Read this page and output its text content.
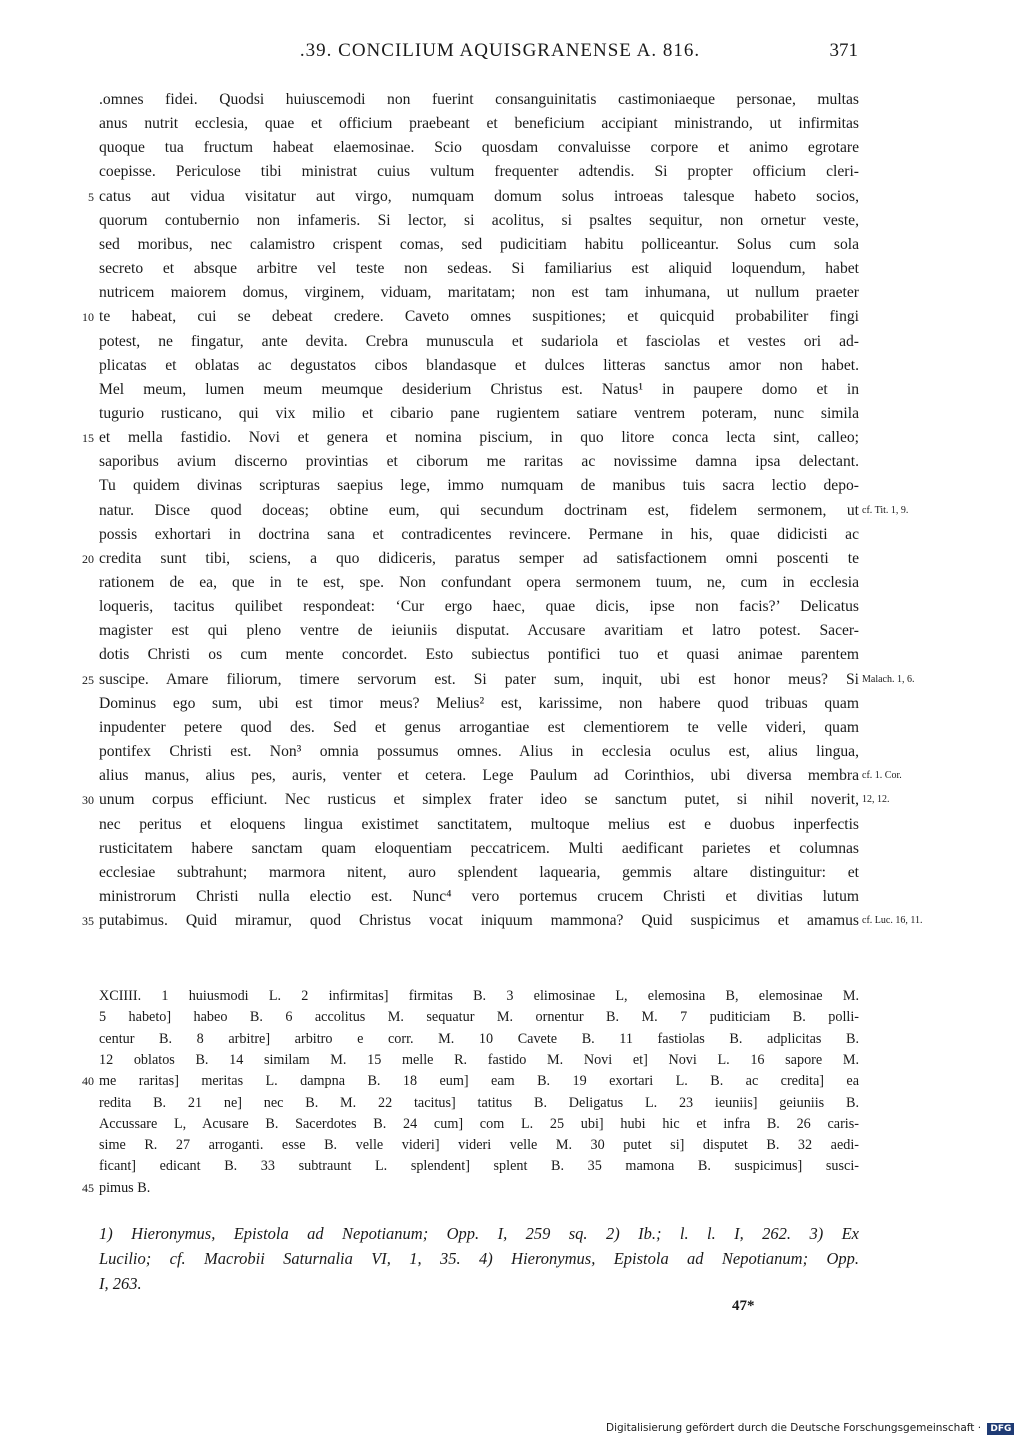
.39. CONCILIUM AQUISGRANENSE A. 816.	371
.omnes fidei. Quodsi huiuscemodi non fuerint consanguinitatis castimoniaeque personae, multas
anus nutrit ecclesia, quae et officium praebeant et beneficium accipiant ministrando, ut infirmitas
quoque tua fructum habeat elaemosinae. Scio quosdam convaluisse corpore et animo egrotare
coepisse. Periculose tibi ministrat cuius vultum frequenter adtendis. Si propter officium cleri-
catus aut vidua visitatur aut virgo, numquam domum solus introeas talesque habeto socios,
5
quorum contubernio non infameris. Si lector, si acolitus, si psaltes sequitur, non ornetur veste,
sed moribus, nec calamistro crispent comas, sed pudicitiam habitu polliceantur. Solus cum sola
secreto et absque arbitre vel teste non sedeas. Si familiarius est aliquid loquendum, habet
nutricem maiorem domus, virginem, viduam, maritatam; non est tam inhumana, ut nullum praeter
te habeat, cui se debeat credere. Caveto omnes suspitiones; et quicquid probabiliter fingi
10
potest, ne fingatur, ante devita. Crebra munuscula et sudariola et fasciolas et vestes ori ad-
plicatas et oblatas ac degustatos cibos blandasque et dulces litteras sanctus amor non habet.
Mel meum, lumen meum meumque desiderium Christus est. Natus¹ in paupere domo et in
tugurio rusticano, qui vix milio et cibario pane rugientem satiare ventrem poteram, nunc simila
et mella fastidio. Novi et genera et nomina piscium, in quo litore conca lecta sint, calleo;
15
saporibus avium discerno provintias et ciborum me raritas ac novissime damna ipsa delectant.
Tu quidem divinas scripturas saepius lege, immo numquam de manibus tuis sacra lectio depo-
natur. Disce quod doceas; obtine eum, qui secundum doctrinam est, fidelem sermonem, ut cf. Tit. 1, 9.
possis exhortari in doctrina sana et contradicentes revincere. Permane in his, quae didicisti ac
credita sunt tibi, sciens, a quo didiceris, paratus semper ad satisfactionem omni poscenti te
20
rationem de ea, que in te est, spe. Non confundant opera sermonem tuum, ne, cum in ecclesia
loqueris, tacitus quilibet respondeat: ‘Cur ergo haec, quae dicis, ipse non facis?’ Delicatus
magister est qui pleno ventre de ieiuniis disputat. Accusare avaritiam et latro potest. Sacer-
dotis Christi os cum mente concordet. Esto subiectus pontifici tuo et quasi animae parentem
suscipe. Amare filiorum, timere servorum est. Si pater sum, inquit, ubi est honor meus? Si
25	Malach. 1, 6.
Dominus ego sum, ubi est timor meus? Melius² est, karissime, non habere quod tribuas quam
inpudenter petere quod des. Sed et genus arrogantiae est clementiorem te velle videri, quam
pontifex Christi est. Non³ omnia possumus omnes. Alius in ecclesia oculus est, alius lingua,
alius manus, alius pes, auris, venter et cetera. Lege Paulum ad Corinthios, ubi diversa membra cf. 1. Cor.
unum corpus efficiunt. Nec rusticus et simplex frater ideo se sanctum putet, si nihil noverit,
30	12, 12.
nec peritus et eloquens lingua existimet sanctitatem, multoque melius est e duobus inperfectis
rusticitatem habere sanctam quam eloquentiam peccatricem. Multi aedificant parietes et columnas
ecclesiae subtrahunt; marmora nitent, auro splendent laquearia, gemmis altare distinguitur: et
ministrorum Christi nulla electio est. Nunc⁴ vero portemus crucem Christi et divitias lutum
putabimus. Quid miramur, quod Christus vocat iniquum mammona? Quid suspicimus et amamus
35	cf. Luc. 16, 11.
XCIIII. 1 huiusmodi L. 2 infirmitas] firmitas B. 3 elimosinae L, elemosina B, elemosinae M.
5 habeto] habeo B. 6 accolitus M. sequatur M. ornentur B. M. 7 puditiciam B. polli-
centur B. 8 arbitre] arbitro e corr. M. 10 Cavete B. 11 fastiolas B. adplicitas B.
12 oblatos B. 14 similam M. 15 melle R. fastido M. Novi et] Novi L. 16 sapore M.
me raritas] meritas L. dampna B. 18 eum] eam B. 19 exortari L. B. ac credita] ea
40
redita B. 21 ne] nec B. M. 22 tacitus] tatitus B. Deligatus L. 23 ieuniis] geiuniis B.
Accussare L, Acusare B. Sacerdotes B. 24 cum] com L. 25 ubi] hubi hic et infra B. 26 caris-
sime R. 27 arroganti. esse B. velle videri] videri velle M. 30 putet si] disputet B. 32 aedi-
ficant] edicant B. 33 subtraunt L. splendent] splent B. 35 mamona B. suspicimus] susci-
pimus B.
45
1) Hieronymus, Epistola ad Nepotianum; Opp. I, 259 sq. 2) Ib.; l. l. I, 262. 3) Ex
Lucilio; cf. Macrobii Saturnalia VI, 1, 35. 4) Hieronymus, Epistola ad Nepotianum; Opp.
I, 263.
47*
Digitalisierung gefördert durch die Deutsche Forschungsgemeinschaft · DFG
